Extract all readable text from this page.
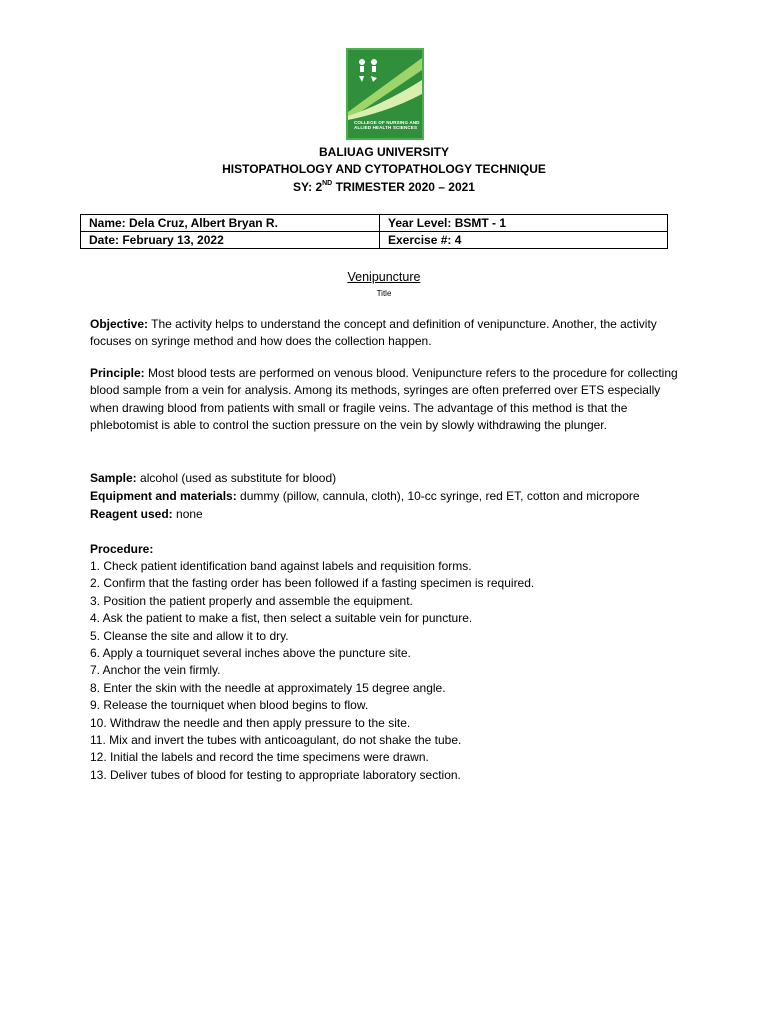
COLLEGE OF NURSING AND
ALLIED HEALTH SCIENCES
BALIUAG UNIVERSITY
HISTOPATHOLOGY AND CYTOPATHOLOGY TECHNIQUE
SY: 2ND TRIMESTER 2020 – 2021
Name: Dela Cruz, Albert Bryan R.	Year Level: BSMT - 1
Date: February 13, 2022	Exercise #: 4
Venipuncture
Title
Objective: The activity helps to understand the concept and definition of venipuncture. Another, the activity focuses on syringe method and how does the collection happen.
Principle: Most blood tests are performed on venous blood. Venipuncture refers to the procedure for collecting blood sample from a vein for analysis. Among its methods, syringes are often preferred over ETS especially when drawing blood from patients with small or fragile veins. The advantage of this method is that the phlebotomist is able to control the suction pressure on the vein by slowly withdrawing the plunger.
Sample: alcohol (used as substitute for blood)
Equipment and materials: dummy (pillow, cannula, cloth), 10-cc syringe, red ET, cotton and micropore
Reagent used: none
Procedure:
1. Check patient identification band against labels and requisition forms.
2. Confirm that the fasting order has been followed if a fasting specimen is required.
3. Position the patient properly and assemble the equipment.
4. Ask the patient to make a fist, then select a suitable vein for puncture.
5. Cleanse the site and allow it to dry.
6. Apply a tourniquet several inches above the puncture site.
7. Anchor the vein firmly.
8. Enter the skin with the needle at approximately 15 degree angle.
9. Release the tourniquet when blood begins to flow.
10. Withdraw the needle and then apply pressure to the site.
11. Mix and invert the tubes with anticoagulant, do not shake the tube.
12. Initial the labels and record the time specimens were drawn.
13. Deliver tubes of blood for testing to appropriate laboratory section.
